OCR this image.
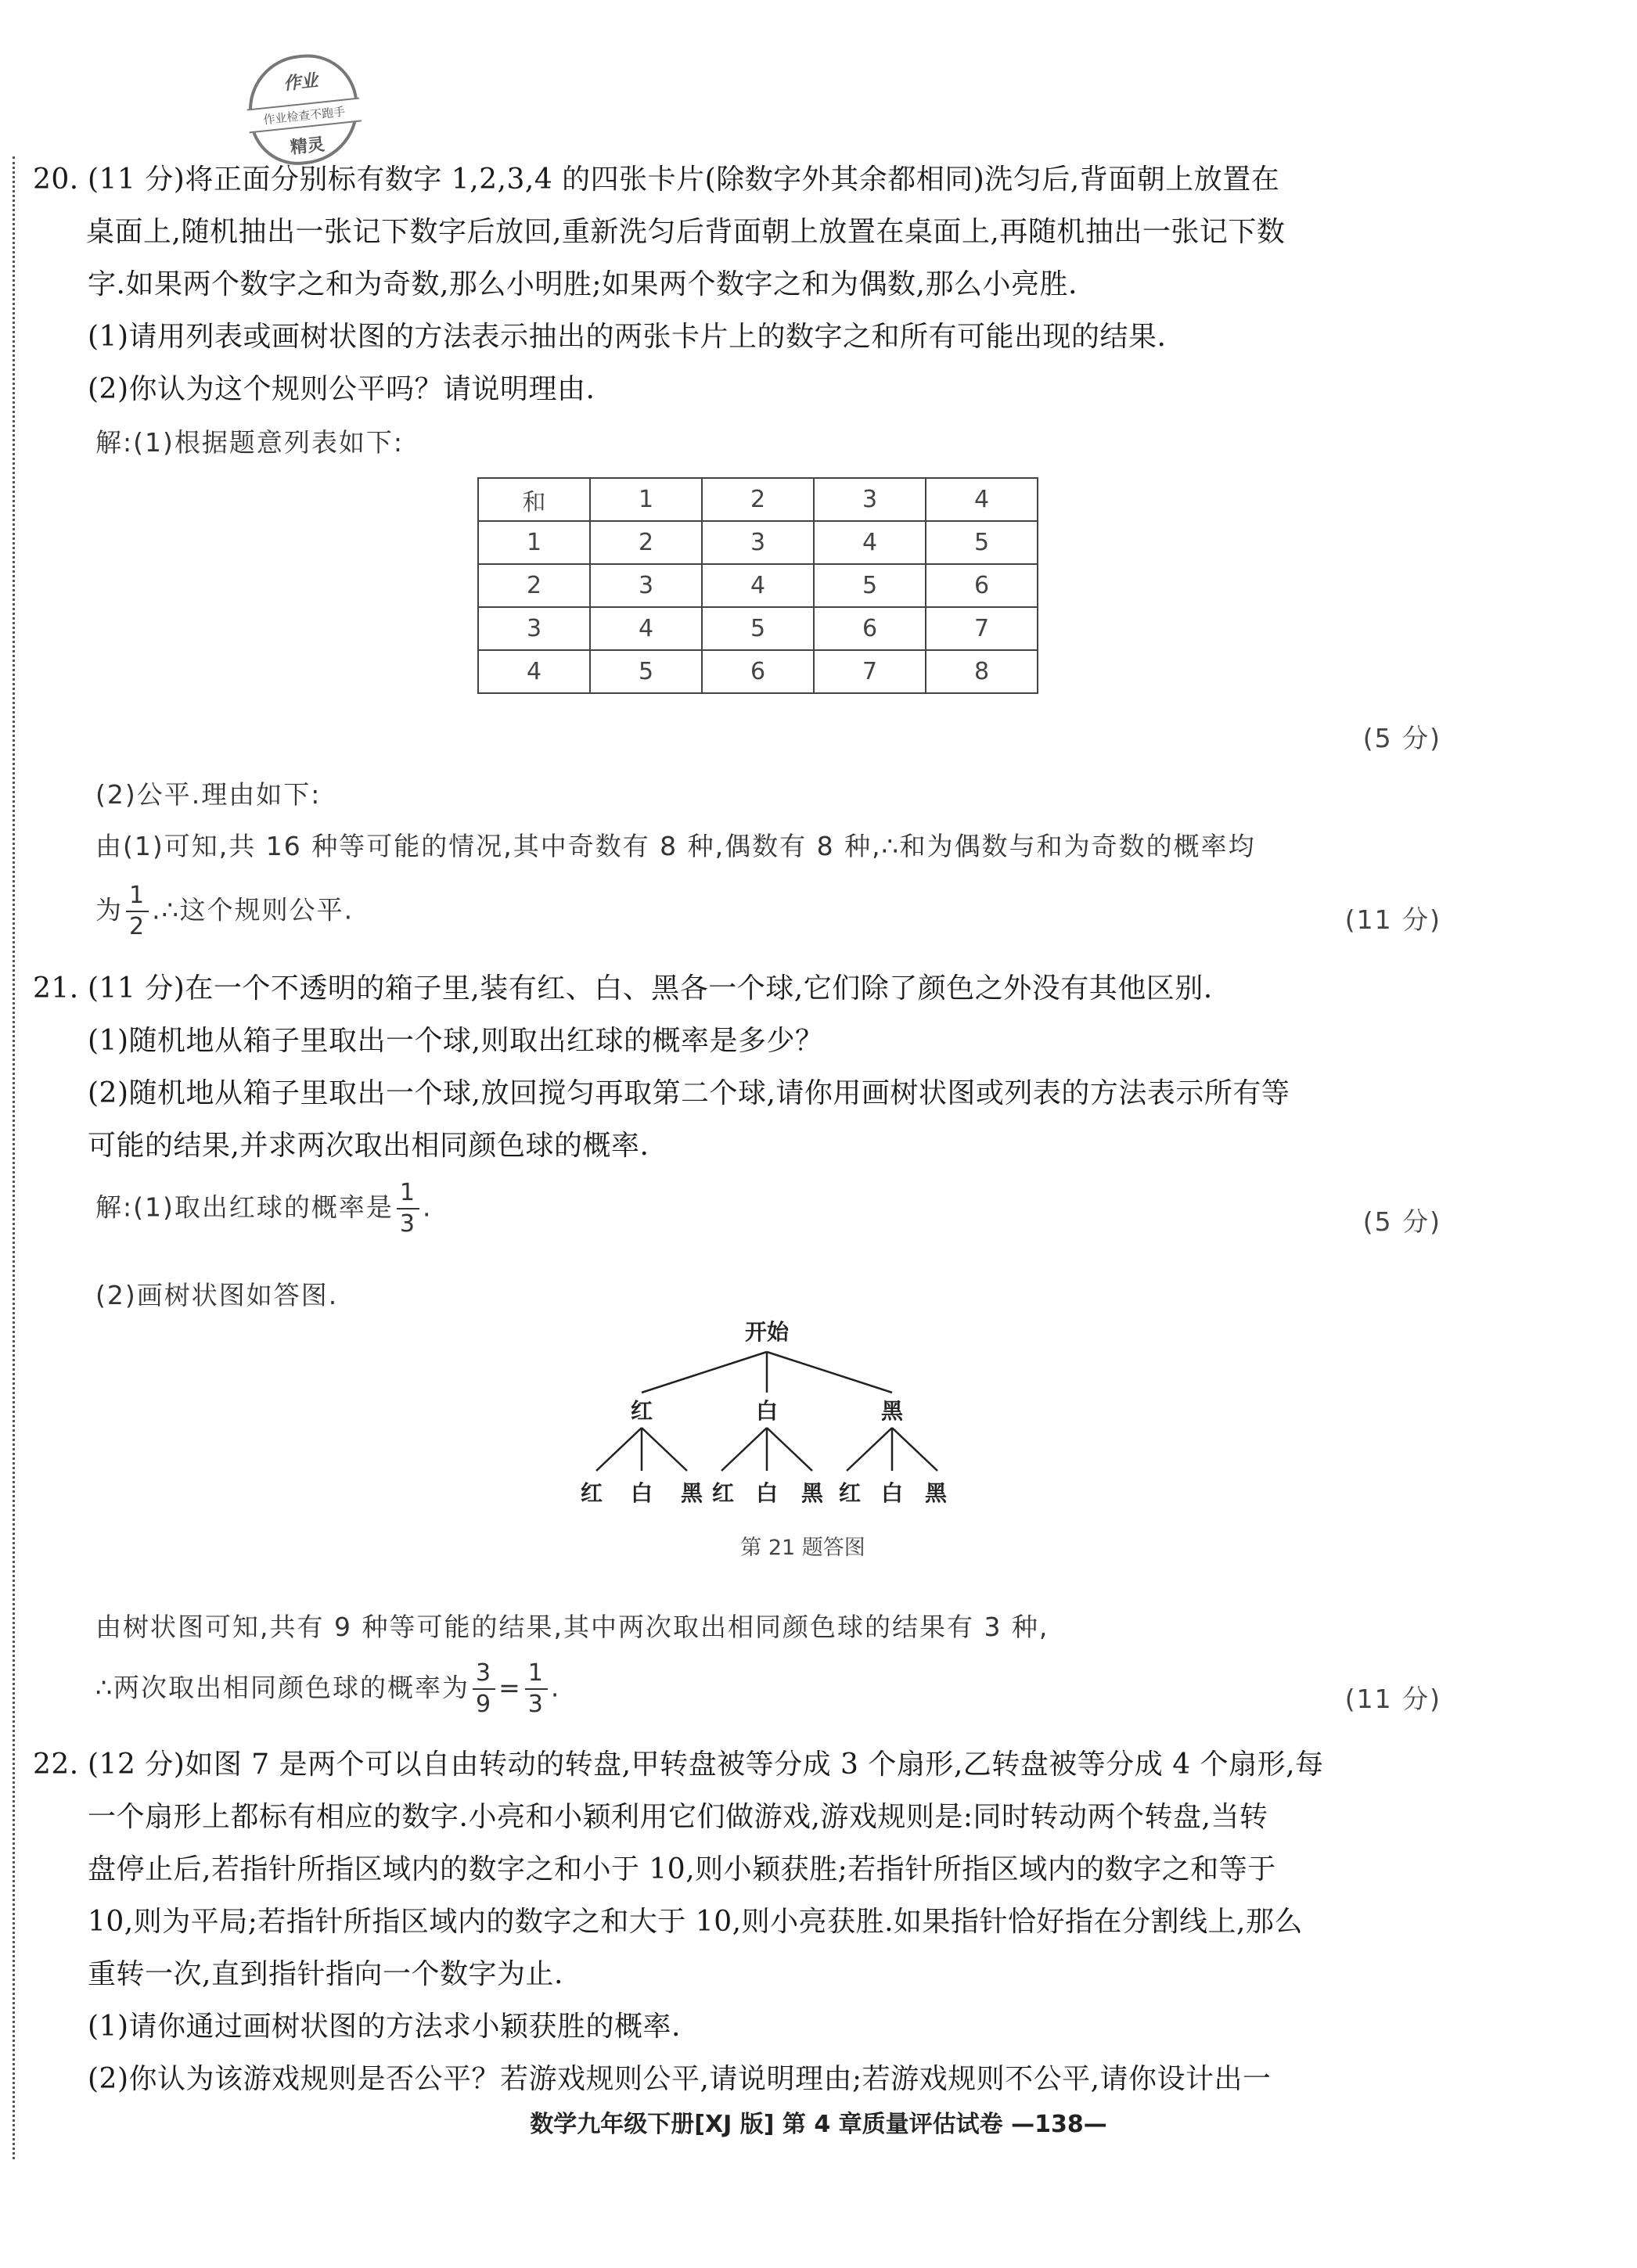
作业
作业检查不跑手
精灵
20. (11 分)将正面分别标有数字 1,2,3,4 的四张卡片(除数字外其余都相同)洗匀后,背面朝上放置在
桌面上,随机抽出一张记下数字后放回,重新洗匀后背面朝上放置在桌面上,再随机抽出一张记下数
字.如果两个数字之和为奇数,那么小明胜;如果两个数字之和为偶数,那么小亮胜.
(1)请用列表或画树状图的方法表示抽出的两张卡片上的数字之和所有可能出现的结果.
(2)你认为这个规则公平吗？请说明理由.
解:(1)根据题意列表如下:
和	1	2	3	4
1	2	3	4	5
2	3	4	5	6
3	4	5	6	7
4	5	6	7	8
(5 分)
(2)公平.理由如下:
由(1)可知,共 16 种等可能的情况,其中奇数有 8 种,偶数有 8 种,∴和为偶数与和为奇数的概率均
为 $\frac{1}{2}$ .∴这个规则公平.	(11 分)
21. (11 分)在一个不透明的箱子里,装有红、白、黑各一个球,它们除了颜色之外没有其他区别.
(1)随机地从箱子里取出一个球,则取出红球的概率是多少？
(2)随机地从箱子里取出一个球,放回搅匀再取第二个球,请你用画树状图或列表的方法表示所有等
可能的结果,并求两次取出相同颜色球的概率.
解:(1)取出红球的概率是 $\frac{1}{3}$ .	(5 分)
(2)画树状图如答图.
开始
红	白	黑
红 白 黑 红 白 黑 红 白 黑
第 21 题答图
由树状图可知,共有 9 种等可能的结果,其中两次取出相同颜色球的结果有 3 种,
∴两次取出相同颜色球的概率为 $\frac{3}{9} = \frac{1}{3}$ .	(11 分)
22. (12 分)如图 7 是两个可以自由转动的转盘,甲转盘被等分成 3 个扇形,乙转盘被等分成 4 个扇形,每
一个扇形上都标有相应的数字.小亮和小颖利用它们做游戏,游戏规则是:同时转动两个转盘,当转
盘停止后,若指针所指区域内的数字之和小于 10,则小颖获胜;若指针所指区域内的数字之和等于
10,则为平局;若指针所指区域内的数字之和大于 10,则小亮获胜.如果指针恰好指在分割线上,那么
重转一次,直到指针指向一个数字为止.
(1)请你通过画树状图的方法求小颖获胜的概率.
(2)你认为该游戏规则是否公平？若游戏规则公平,请说明理由;若游戏规则不公平,请你设计出一
数学九年级下册[XJ 版] 第 4 章质量评估试卷 —138—
